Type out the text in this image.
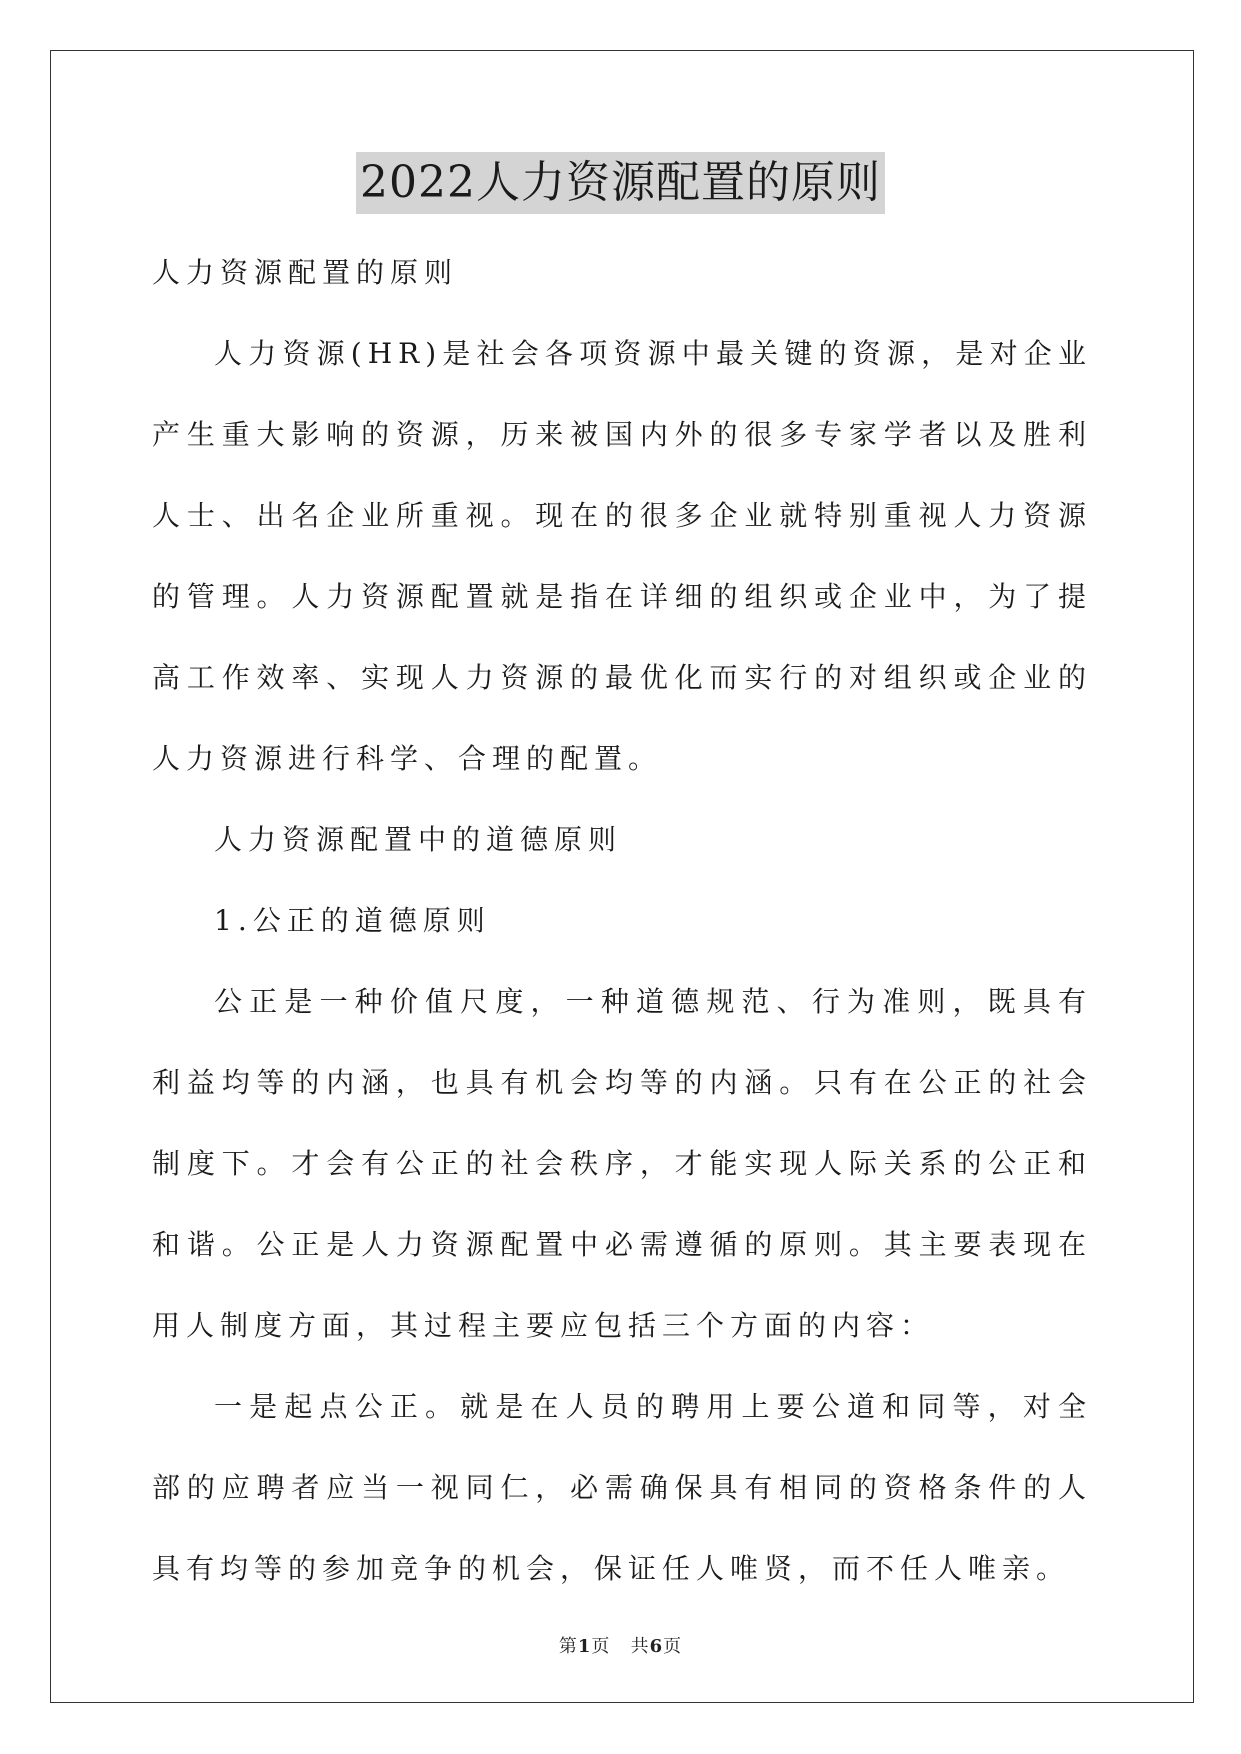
2022人力资源配置的原则

人力资源配置的原则

人力资源(HR)是社会各项资源中最关键的资源，是对企业产生重大影响的资源，历来被国内外的很多专家学者以及胜利人士、出名企业所重视。现在的很多企业就特别重视人力资源的管理。人力资源配置就是指在详细的组织或企业中，为了提高工作效率、实现人力资源的最优化而实行的对组织或企业的人力资源进行科学、合理的配置。

人力资源配置中的道德原则

1.公正的道德原则

公正是一种价值尺度，一种道德规范、行为准则，既具有利益均等的内涵，也具有机会均等的内涵。只有在公正的社会制度下。才会有公正的社会秩序，才能实现人际关系的公正和和谐。公正是人力资源配置中必需遵循的原则。其主要表现在用人制度方面，其过程主要应包括三个方面的内容：

一是起点公正。就是在人员的聘用上要公道和同等，对全部的应聘者应当一视同仁，必需确保具有相同的资格条件的人具有均等的参加竞争的机会，保证任人唯贤，而不任人唯亲。

第1页   共6页
